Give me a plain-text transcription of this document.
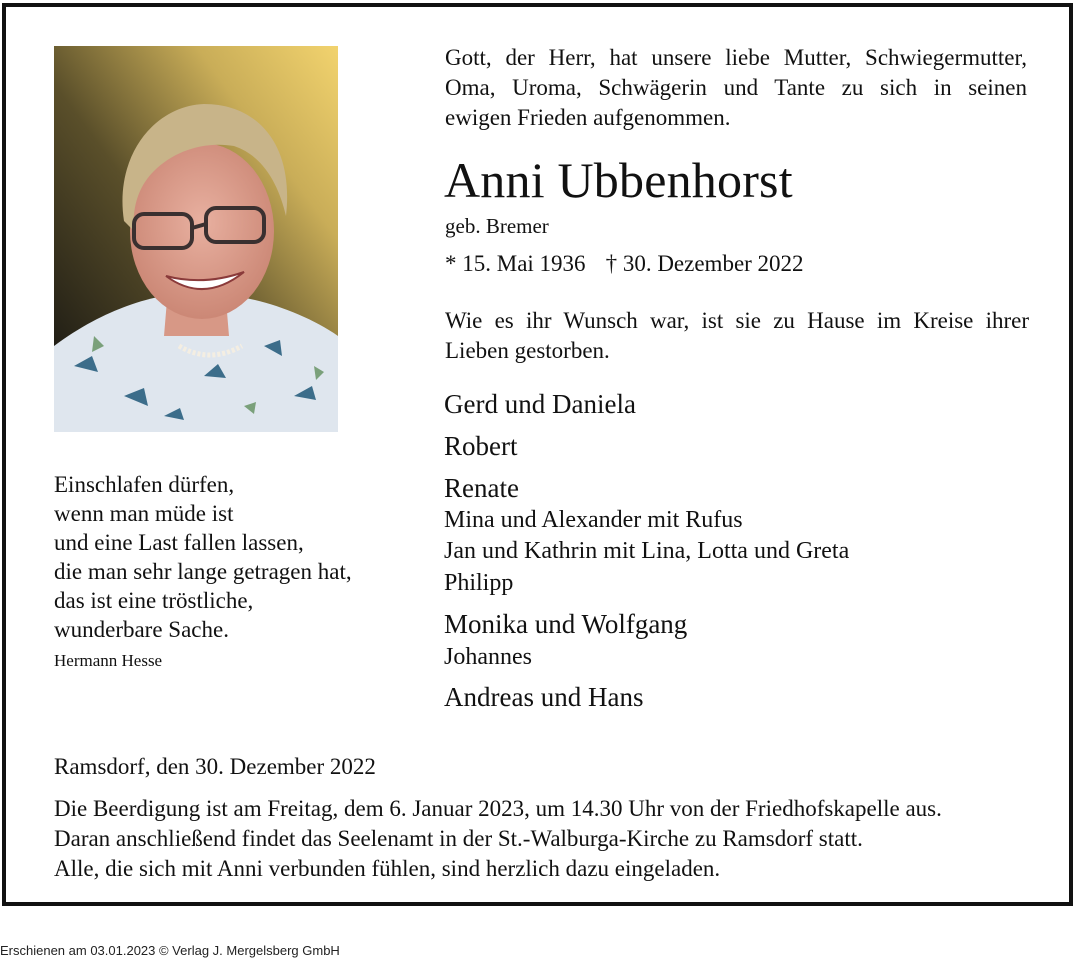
Gott, der Herr, hat unsere liebe Mutter, Schwiegermutter,
Oma, Uroma, Schwägerin und Tante zu sich in seinen
ewigen Frieden aufgenommen.
Anni Ubbenhorst
geb. Bremer
* 15. Mai 1936 † 30. Dezember 2022
Wie es ihr Wunsch war, ist sie zu Hause im Kreise ihrer
Lieben gestorben.
Gerd und Daniela
Robert
Renate
Mina und Alexander mit Rufus
Jan und Kathrin mit Lina, Lotta und Greta
Philipp
Monika und Wolfgang
Johannes
Andreas und Hans
Einschlafen dürfen,
wenn man müde ist
und eine Last fallen lassen,
die man sehr lange getragen hat,
das ist eine tröstliche,
wunderbare Sache.
Hermann Hesse
Ramsdorf, den 30. Dezember 2022
Die Beerdigung ist am Freitag, dem 6. Januar 2023, um 14.30 Uhr von der Friedhofskapelle aus.
Daran anschließend findet das Seelenamt in der St.-Walburga-Kirche zu Ramsdorf statt.
Alle, die sich mit Anni verbunden fühlen, sind herzlich dazu eingeladen.
Erschienen am 03.01.2023 © Verlag J. Mergelsberg GmbH
